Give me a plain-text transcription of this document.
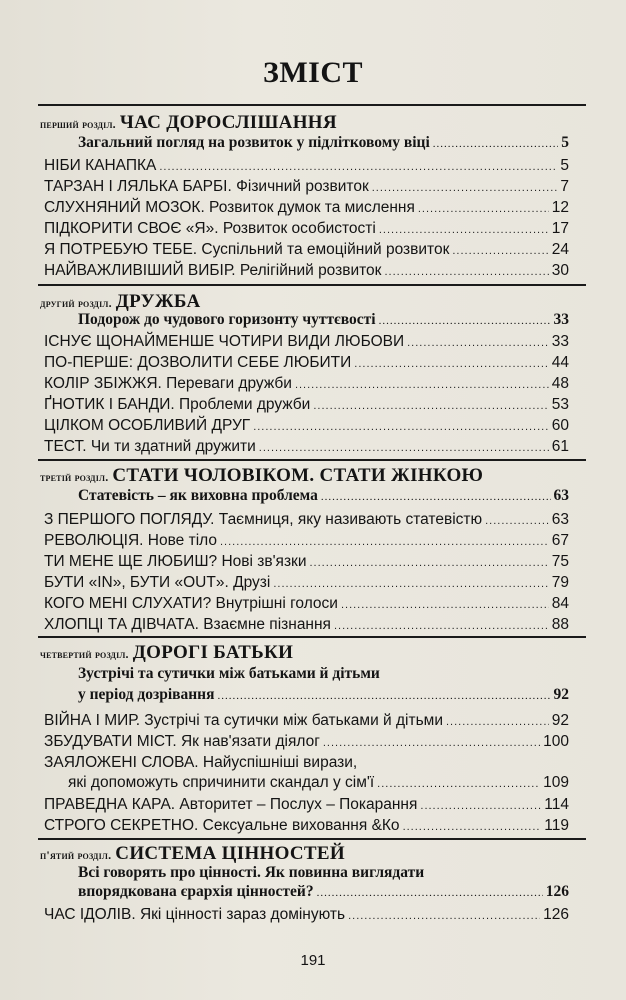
ЗМІСТ
перший розділ. ЧАС ДОРОСЛІШАННЯ
Загальний погляд на розвиток у підлітковому віці .....	5
НІБИ КАНАПКА .....	5
ТАРЗАН І ЛЯЛЬКА БАРБІ. Фізичний розвиток .....	7
СЛУХНЯНИЙ МОЗОК. Розвиток думок та мислення .....	12
ПІДКОРИТИ СВОЄ «Я». Розвиток особистості .....	17
Я ПОТРЕБУЮ ТЕБЕ. Суспільний та емоційний розвиток .....	24
НАЙВАЖЛИВІШИЙ ВИБІР. Релігійний розвиток .....	30
другий розділ. ДРУЖБА
Подорож до чудового горизонту чуттєвості .....	33
ІСНУЄ ЩОНАЙМЕНШЕ ЧОТИРИ ВИДИ ЛЮБОВИ .....	33
ПО-ПЕРШЕ: ДОЗВОЛИТИ СЕБЕ ЛЮБИТИ .....	44
КОЛІР ЗБІЖЖЯ. Переваги дружби .....	48
ҐНОТИК І БАНДИ. Проблеми дружби .....	53
ЦІЛКОМ ОСОБЛИВИЙ ДРУГ .....	60
ТЕСТ. Чи ти здатний дружити .....	61
третій розділ. СТАТИ ЧОЛОВІКОМ. СТАТИ ЖІНКОЮ
Статевість – як виховна проблема .....	63
З ПЕРШОГО ПОГЛЯДУ. Таємниця, яку називають статевістю .....	63
РЕВОЛЮЦІЯ. Нове тіло .....	67
ТИ МЕНЕ ЩЕ ЛЮБИШ? Нові зв'язки .....	75
БУТИ «IN», БУТИ «OUT». Друзі .....	79
КОГО МЕНІ СЛУХАТИ? Внутрішні голоси .....	84
ХЛОПЦІ ТА ДІВЧАТА. Взаємне пізнання .....	88
четвертий розділ. ДОРОГІ БАТЬКИ
Зустрічі та сутички між батьками й дітьми
у період дозрівання .....	92
ВІЙНА І МИР. Зустрічі та сутички між батьками й дітьми .....	92
ЗБУДУВАТИ МІСТ. Як нав'язати діялог .....	100
ЗАЯЛОЖЕНІ СЛОВА. Найуспішніші вирази,
які допоможуть спричинити скандал у сім'ї .....	109
ПРАВЕДНА КАРА. Авторитет – Послух – Покарання .....	114
СТРОГО СЕКРЕТНО. Сексуальне виховання &Ко .....	119
п'ятий розділ. СИСТЕМА ЦІННОСТЕЙ
Всі говорять про цінності. Як повинна виглядати
впорядкована єрархія цінностей? .....	126
ЧАС ІДОЛІВ. Які цінності зараз домінують .....	126
191
